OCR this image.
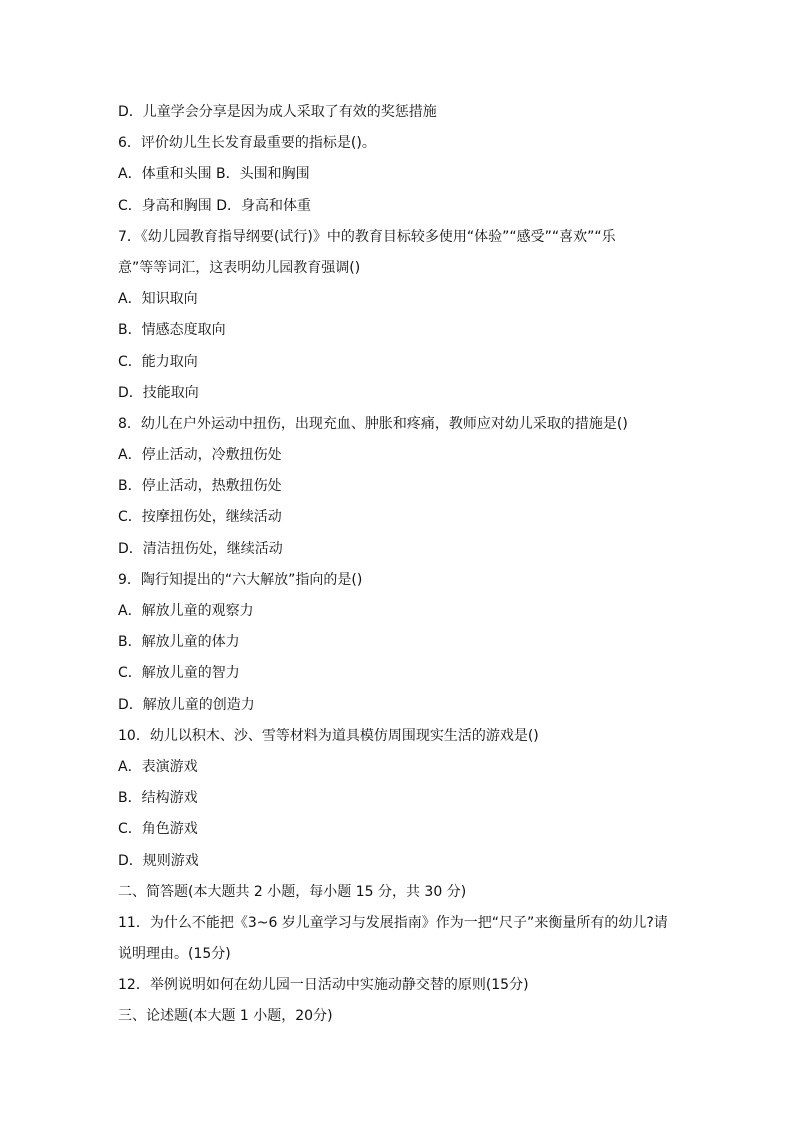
D．儿童学会分享是因为成人采取了有效的奖惩措施
6．评价幼儿生长发育最重要的指标是()。
A．体重和头围 B．头围和胸围
C．身高和胸围 D．身高和体重
7．《幼儿园教育指导纲要(试行)》中的教育目标较多使用“体验”“感受”“喜欢”“乐
意”等等词汇，这表明幼儿园教育强调()
A．知识取向
B．情感态度取向
C．能力取向
D．技能取向
8．幼儿在户外运动中扭伤，出现充血、肿胀和疼痛，教师应对幼儿采取的措施是()
A．停止活动，冷敷扭伤处
B．停止活动，热敷扭伤处
C．按摩扭伤处，继续活动
D．清洁扭伤处，继续活动
9．陶行知提出的“六大解放”指向的是()
A．解放儿童的观察力
B．解放儿童的体力
C．解放儿童的智力
D．解放儿童的创造力
10．幼儿以积木、沙、雪等材料为道具模仿周围现实生活的游戏是()
A．表演游戏
B．结构游戏
C．角色游戏
D．规则游戏
二、简答题(本大题共 2 小题，每小题 15 分，共 30 分)
11．为什么不能把《3~6 岁儿童学习与发展指南》作为一把“尺子”来衡量所有的幼儿?请
说明理由。(15分)
12．举例说明如何在幼儿园一日活动中实施动静交替的原则(15分)
三、论述题(本大题 1 小题，20分)
